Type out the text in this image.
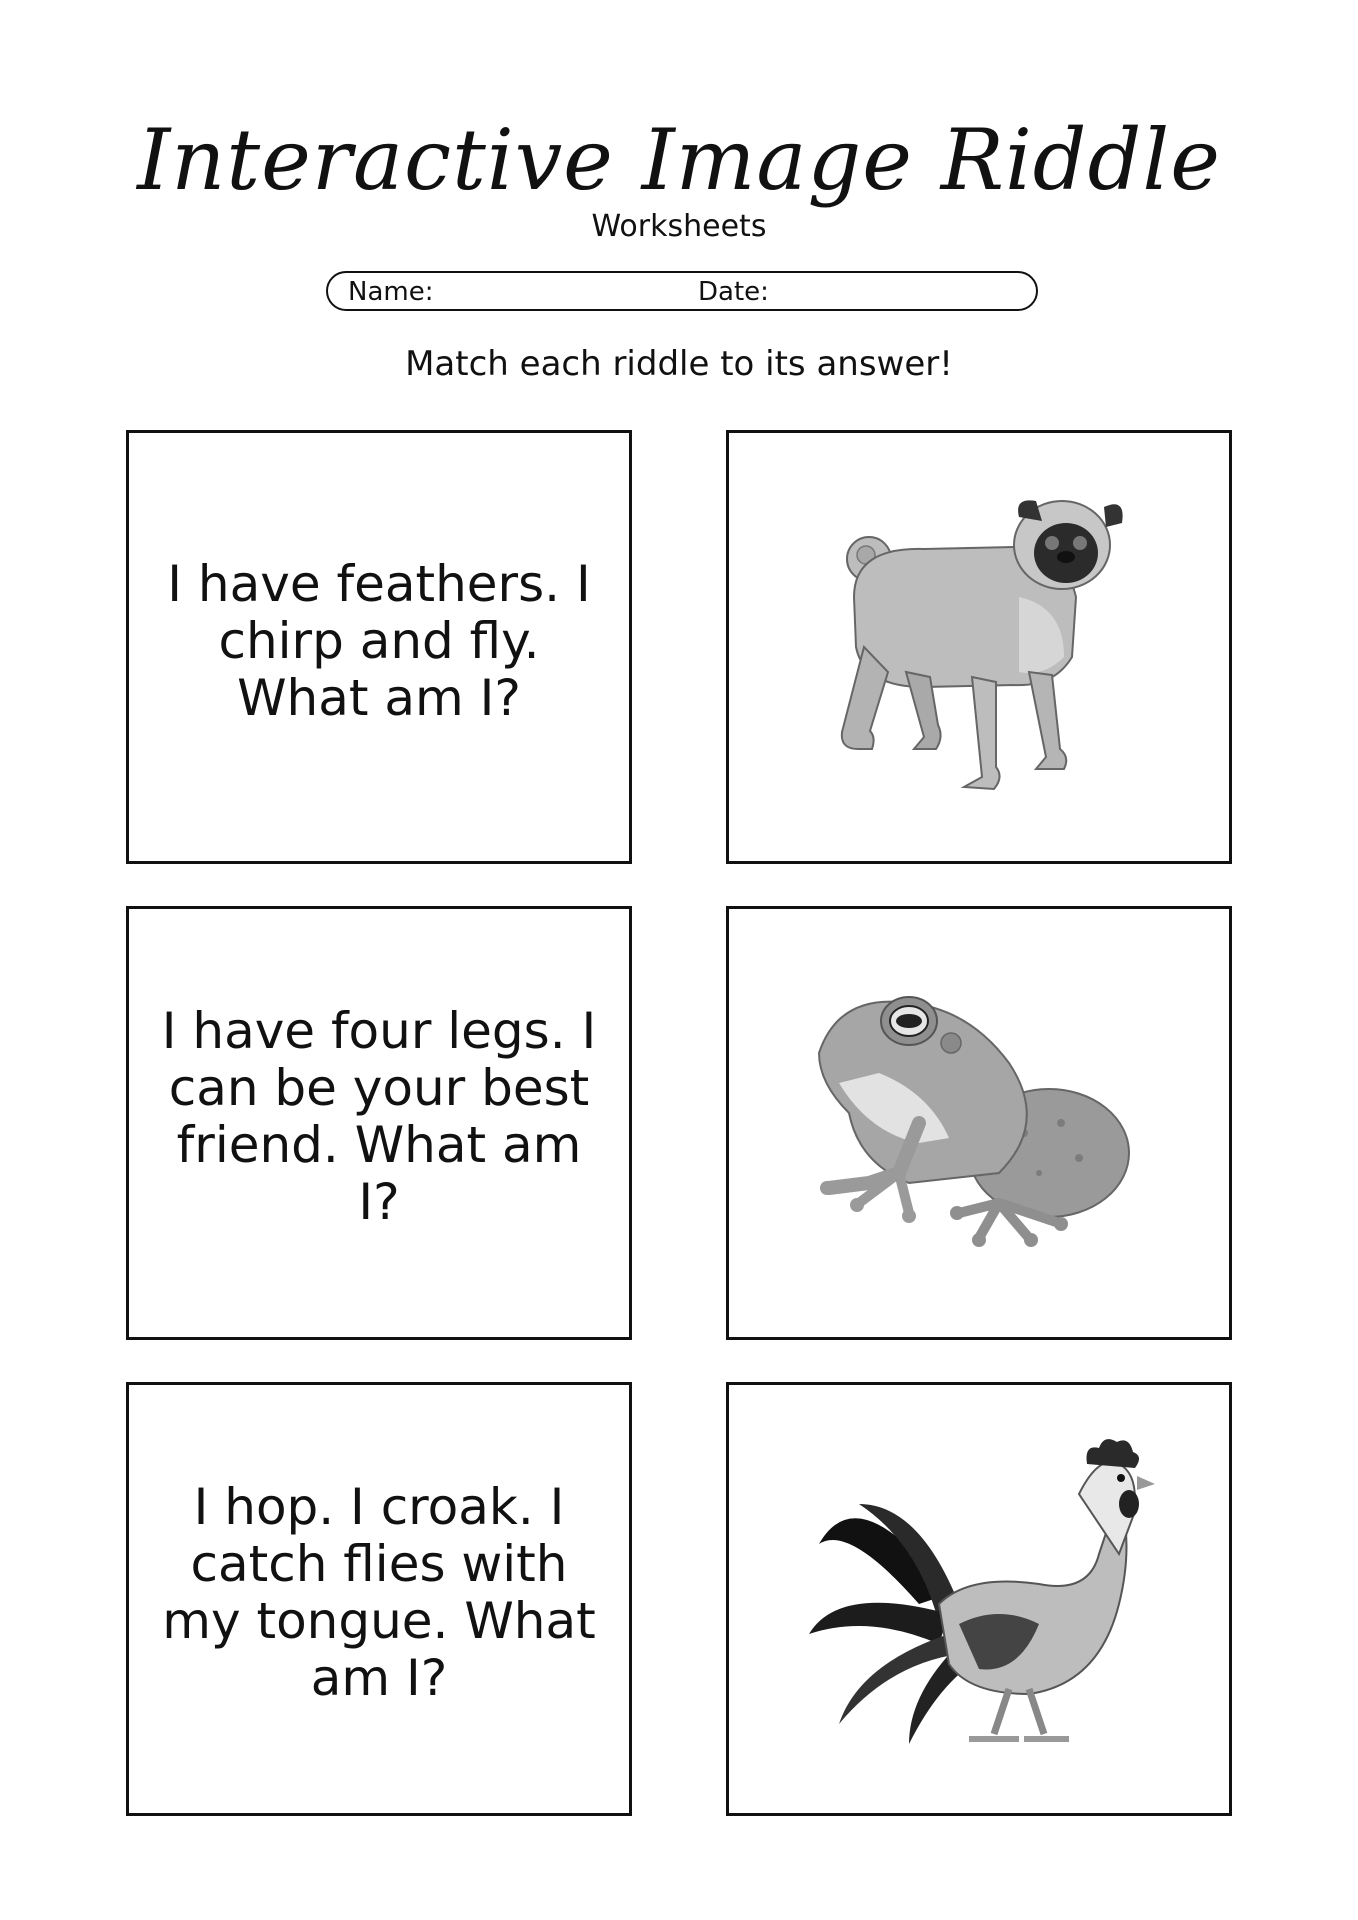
Interactive Image Riddle
Worksheets
Name:	Date:
Match each riddle to its answer!
I have feathers. I chirp and fly. What am I?
I have four legs. I can be your best friend. What am I?
I hop. I croak. I catch flies with my tongue. What am I?
